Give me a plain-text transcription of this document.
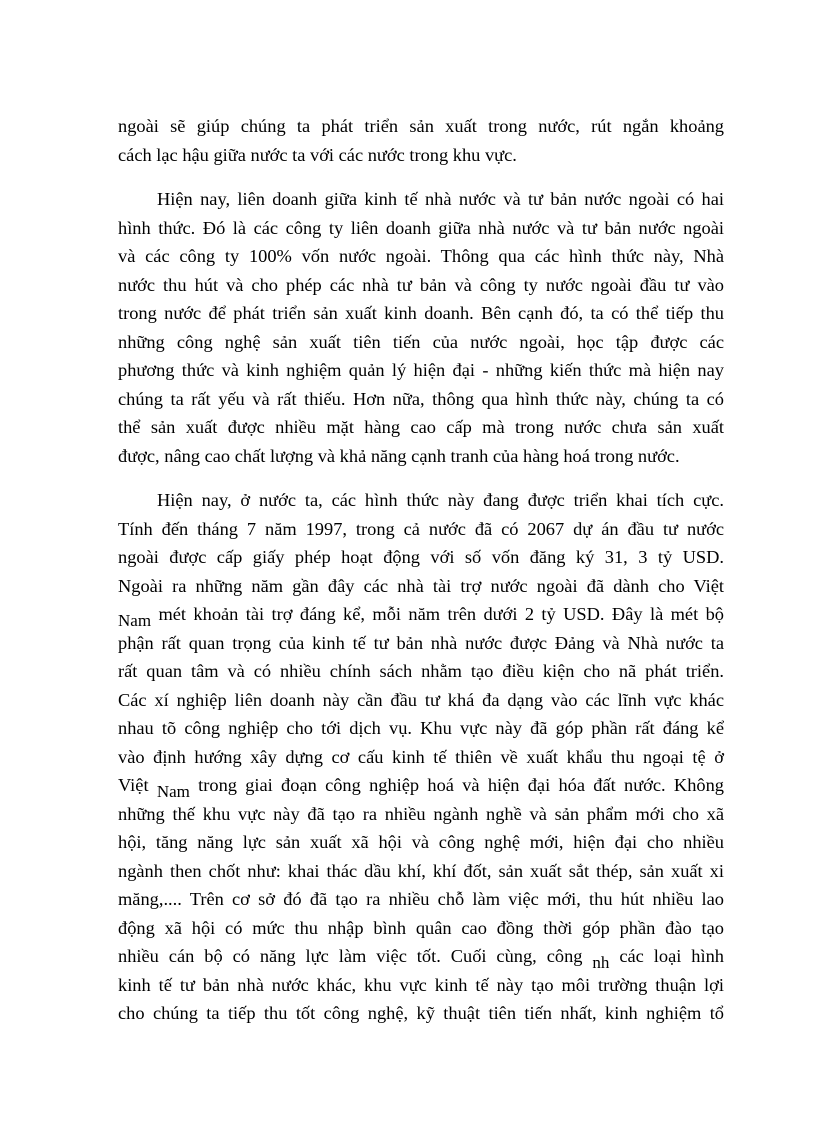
ngoài sẽ giúp chúng ta phát triển sản xuất trong nước, rút ngắn khoảng
cách lạc hậu giữa nước ta với các nước trong khu vực.
Hiện nay, liên doanh giữa kinh tế nhà nước và tư bản nước ngoài có hai
hình thức. Đó là các công ty liên doanh giữa nhà nước và tư bản nước ngoài
và các công ty 100% vốn nước ngoài. Thông qua các hình thức này, Nhà
nước thu hút và cho phép các nhà tư bản và công ty nước ngoài đầu tư vào
trong nước để phát triển sản xuất kinh doanh. Bên cạnh đó, ta có thể tiếp thu
những công nghệ sản xuất tiên tiến của nước ngoài, học tập được các
phương thức và kinh nghiệm quản lý hiện đại - những kiến thức mà hiện nay
chúng ta rất yếu và rất thiếu. Hơn nữa, thông qua hình thức này, chúng ta có
thể sản xuất được nhiều mặt hàng cao cấp mà trong nước chưa sản xuất
được, nâng cao chất lượng và khả năng cạnh tranh của hàng hoá trong nước.
Hiện nay, ở nước ta, các hình thức này đang được triển khai tích cực.
Tính đến tháng 7 năm 1997, trong cả nước đã có 2067 dự án đầu tư nước
ngoài được cấp giấy phép hoạt động với số vốn đăng ký 31, 3 tỷ USD.
Ngoài ra những năm gần đây các nhà tài trợ nước ngoài đã dành cho Việt
Nam mét khoản tài trợ đáng kể, mỗi năm trên dưới 2 tỷ USD. Đây là mét bộ
phận rất quan trọng của kinh tế tư bản nhà nước được Đảng và Nhà nước ta
rất quan tâm và có nhiều chính sách nhằm tạo điều kiện cho nã phát triển.
Các xí nghiệp liên doanh này cần đầu tư khá đa dạng vào các lĩnh vực khác
nhau tõ công nghiệp cho tới dịch vụ. Khu vực này đã góp phần rất đáng kể
vào định hướng xây dựng cơ cấu kinh tế thiên về xuất khẩu thu ngoại tệ ở
Việt Nam trong giai đoạn công nghiệp hoá và hiện đại hóa đất nước. Không
những thế khu vực này đã tạo ra nhiều ngành nghề và sản phẩm mới cho xã
hội, tăng năng lực sản xuất xã hội và công nghệ mới, hiện đại cho nhiều
ngành then chốt như: khai thác dầu khí, khí đốt, sản xuất sắt thép, sản xuất xi
măng,.... Trên cơ sở đó đã tạo ra nhiều chỗ làm việc mới, thu hút nhiều lao
động xã hội có mức thu nhập bình quân cao đồng thời góp phần đào tạo
nhiều cán bộ có năng lực làm việc tốt. Cuối cùng, công nh các loại hình
kinh tế tư bản nhà nước khác, khu vực kinh tế này tạo môi trường thuận lợi
cho chúng ta tiếp thu tốt công nghệ, kỹ thuật tiên tiến nhất, kinh nghiệm tổ
